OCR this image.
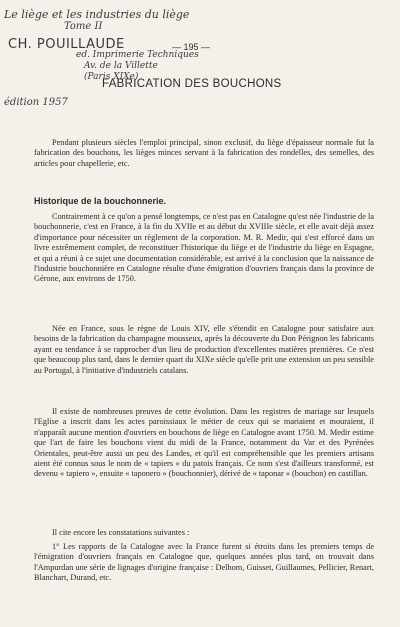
Le liège et les industries du liège
Tome II
CH. POUILLAUDE
ed. Imprimerie Techniques
Av. de la Villette
(Paris XIXe)
édition 1957
— 195 —
FABRICATION DES BOUCHONS

Pendant plusieurs siècles l'emploi principal, sinon exclusif, du liège d'épaisseur normale fut la fabrication des bouchons, les lièges minces servant à la fabrication des rondelles, des semelles, des articles pour chapellerie, etc.

Historique de la bouchonnerie.

Contrairement à ce qu'on a pensé longtemps, ce n'est pas en Catalogne qu'est née l'industrie de la bouchonnerie, c'est en France, à la fin du XVIIe et au début du XVIIIe siècle, et elle avait déjà assez d'importance pour nécessiter un règlement de la corporation. M. R. Medir, qui s'est efforcé dans un livre extrêmement complet, de reconstituer l'historique du liège et de l'industrie du liège en Espagne, et qui a réuni à ce sujet une documentation considérable, est arrivé à la conclusion que la naissance de l'industrie bouchonnière en Catalogne résulte d'une émigration d'ouvriers français dans la province de Gérone, aux environs de 1750.

Née en France, sous le règne de Louis XIV, elle s'étendit en Catalogne pour satisfaire aux besoins de la fabrication du champagne mousseux, après la découverte du Don Pérignon les fabricants ayant eu tendance à se rapprocher d'un lieu de production d'excellentes matières premières. Ce n'est que beaucoup plus tard, dans le dernier quart du XIXe siècle qu'elle prit une extension un peu sensible au Portugal, à l'initiative d'industriels catalans.

Il existe de nombreuses preuves de cette évolution. Dans les registres de mariage sur lesquels l'Eglise a inscrit dans les actes paroissiaux le métier de ceux qui se mariaient et mouraient, il n'apparaît aucune mention d'ouvriers en bouchons de liège en Catalogne avant 1750. M. Medir estime que l'art de faire les bouchons vient du midi de la France, notamment du Var et des Pyrénées Orientales, peut-être aussi un peu des Landes, et qu'il est compréhensible que les premiers artisans aient été connus sous le nom de « tapiers » du patois français. Ce nom s'est d'ailleurs transformé, est devenu « tapiero », ensuite « taponero » (bouchonnier), dérivé de « taponar » (bouchon) en castillan.

Il cite encore les constatations suivantes :

1° Les rapports de la Catalogne avec la France furent si étroits dans les premiers temps de l'émigration d'ouvriers français en Catalogne que, quelques années plus tard, on trouvait dans l'Ampurdan une série de lignages d'origine française : Delhom, Guisset, Guillaumes, Pellicier, Renart, Blanchart, Durand, etc.
